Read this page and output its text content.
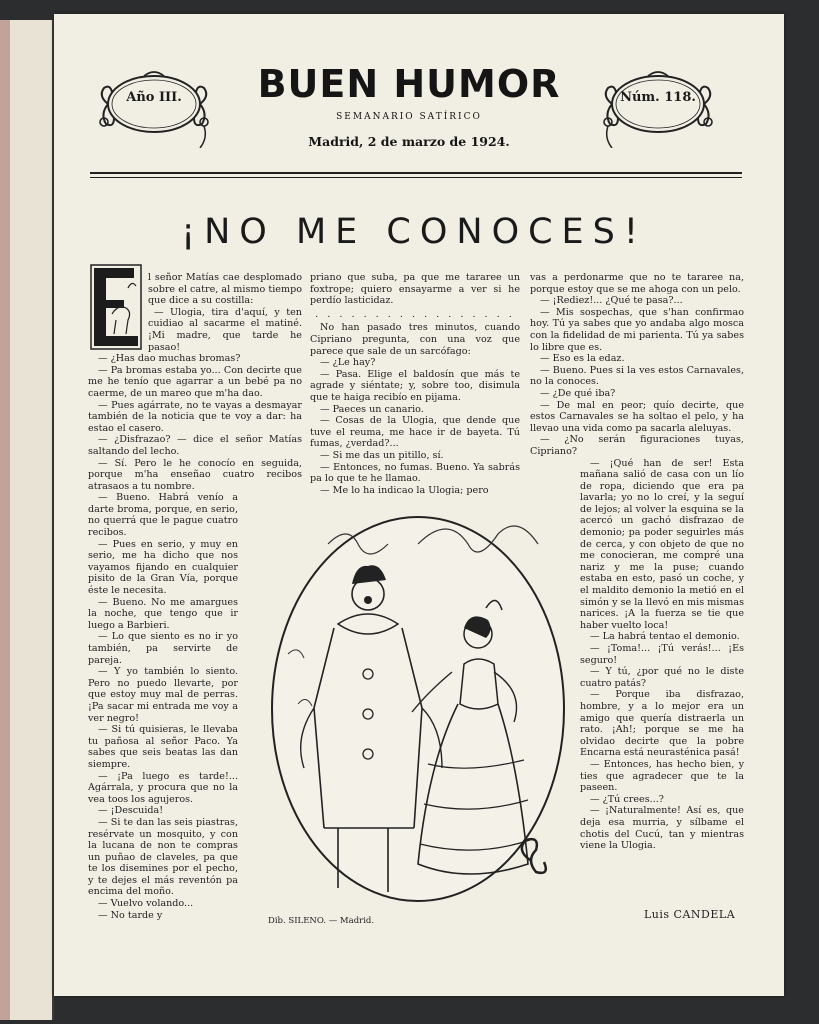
Año III.	BUEN HUMOR
SEMANARIO SATÍRICO
Madrid, 2 de marzo de 1924.
Núm. 118.
¡NO ME CONOCES!
E

l señor Matías cae desplomado sobre el catre, al mismo tiempo que dice a su costilla:

— Ulogia, tira d'aquí, y ten cuidiao al sacarme el matiné. ¡Mi madre, que tarde he pasao!

— ¿Has dao muchas bromas?

— Pa bromas estaba yo... Con decirte que me he tenío que agarrar a un bebé pa no caerme, de un mareo que m'ha dao.

— Pues agárrate, no te vayas a desmayar también de la noticia que te voy a dar: ha estao el casero.

— ¿Disfrazao? — dice el señor Matías saltando del lecho.

— Sí. Pero le he conocío en seguida, porque m'ha enseñao cuatro recibos atrasaos a tu nombre.

— Bueno. Habrá venío a darte broma, porque, en serio, no querrá que le pague cuatro recibos.

— Pues en serio, y muy en serio, me ha dicho que nos vayamos fijando en cualquier pisito de la Gran Vía, porque éste le necesita.

— Bueno. No me amargues la noche, que tengo que ir luego a Barbieri.

— Lo que siento es no ir yo también, pa servirte de pareja.

— Y yo también lo siento. Pero no puedo llevarte, por que estoy muy mal de perras. ¡Pa sacar mi entrada me voy a ver negro!

— Si tú quisieras, le llevaba tu pañosa al señor Paco. Ya sabes que seis beatas las dan siempre.

— ¡Pa luego es tarde!... Agárrala, y procura que no la vea toos los agujeros.

— ¡Descuida!

— Si te dan las seis piastras, resérvate un mosquito, y con la lucana de non te compras un puñao de claveles, pa que te los disemines por el pecho, y te dejes el más reventón pa encima del moño.

— Vuelvo volando...

— No tarde y

priano que suba, pa que me tararee un foxtrope; quiero ensayarme a ver si he perdío lasticidaz.

. . . . . . . . . . . . . . . . .

No han pasado tres minutos, cuando Cipriano pregunta, con una voz que parece que sale de un sarcófago:

— ¿Le hay?

— Pasa. Elige el baldosín que más te agrade y siéntate; y, sobre too, disimula que te haiga recibío en pijama.

— Paeces un canario.

— Cosas de la Ulogia, que dende que tuve el reuma, me hace ir de bayeta. Tú fumas, ¿verdad?...

— Si me das un pitillo, sí.

— Entonces, no fumas. Bueno. Ya sabrás pa lo que te he llamao.

— Me lo ha indicao la Ulogia; pero

vas a perdonarme que no te tararee na, porque estoy que se me ahoga con un pelo.

— ¡Rediez!... ¿Qué te pasa?...

— Mis sospechas, que s'han confirmao hoy. Tú ya sabes que yo andaba algo mosca con la fidelidad de mi parienta. Tú ya sabes lo libre que es.

— Eso es la edaz.

— Bueno. Pues si la ves estos Carnavales, no la conoces.

— ¿De qué iba?

— De mal en peor; quío decirte, que estos Carnavales se ha soltao el pelo, y ha llevao una vida como pa sacarla aleluyas.

— ¿No serán figuraciones tuyas, Cipriano?

— ¡Qué han de ser! Esta mañana salió de casa con un lío de ropa, diciendo que era pa lavarla; yo no lo creí, y la seguí de lejos; al volver la esquina se la acercó un gachó disfrazao de demonio; pa poder seguirles más de cerca, y con objeto de que no me conocieran, me compré una nariz y me la puse; cuando estaba en esto, pasó un coche, y el maldito demonio la metió en el simón y se la llevó en mis mismas narices. ¡A la fuerza se tie que haber vuelto loca!

— La habrá tentao el demonio.

— ¡Toma!... ¡Tú verás!... ¡Es seguro!

— Y tú, ¿por qué no le diste cuatro patás?

— Porque iba disfrazao, hombre, y a lo mejor era un amigo que quería distraerla un rato. ¡Ah!; porque se me ha olvidao decirte que la pobre Encarna está neurasténica pasá!

— Entonces, has hecho bien, y ties que agradecer que te la paseen.

— ¿Tú crees...?

— ¡Naturalmente! Así es, que deja esa murria, y sílbame el chotis del Cucú, tan y mientras viene la Ulogia.

Dib. SILENO. — Madrid.	Luis CANDELA
